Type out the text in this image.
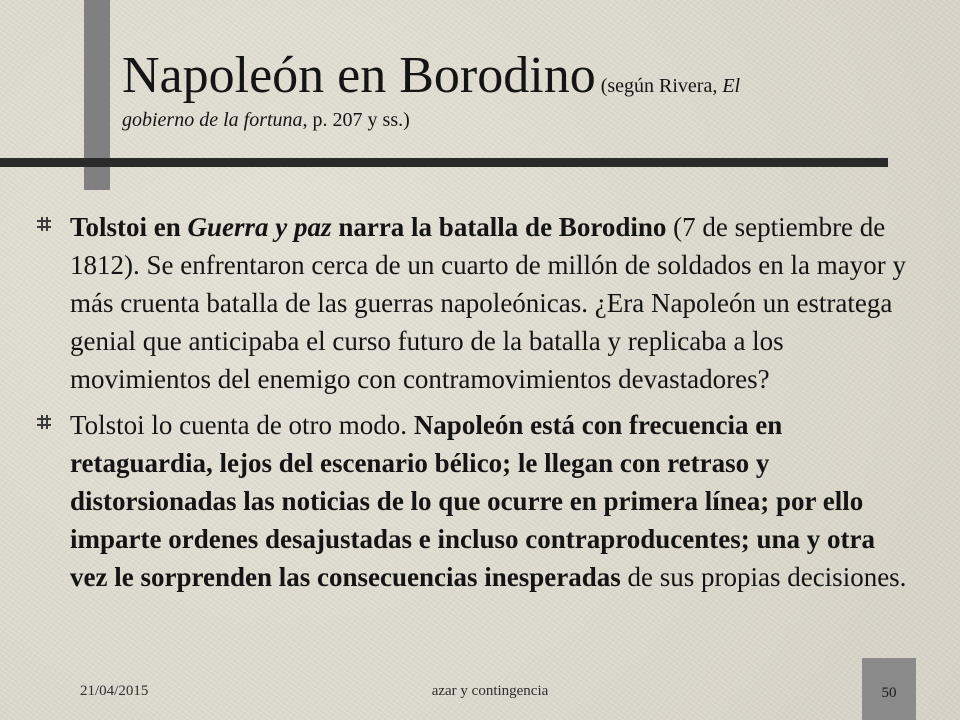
Napoleón en Borodino (según Rivera, El
gobierno de la fortuna, p. 207 y ss.)
Tolstoi en Guerra y paz narra la batalla de Borodino (7 de septiembre de 1812). Se enfrentaron cerca de un cuarto de millón de soldados en la mayor y más cruenta batalla de las guerras napoleónicas. ¿Era Napoleón un estratega genial que anticipaba el curso futuro de la batalla y replicaba a los movimientos del enemigo con contramovimientos devastadores?
Tolstoi lo cuenta de otro modo. Napoleón está con frecuencia en retaguardia, lejos del escenario bélico; le llegan con retraso y distorsionadas las noticias de lo que ocurre en primera línea; por ello imparte ordenes desajustadas e incluso contraproducentes; una y otra vez le sorprenden las consecuencias inesperadas de sus propias decisiones.
21/04/2015	azar y contingencia	50
